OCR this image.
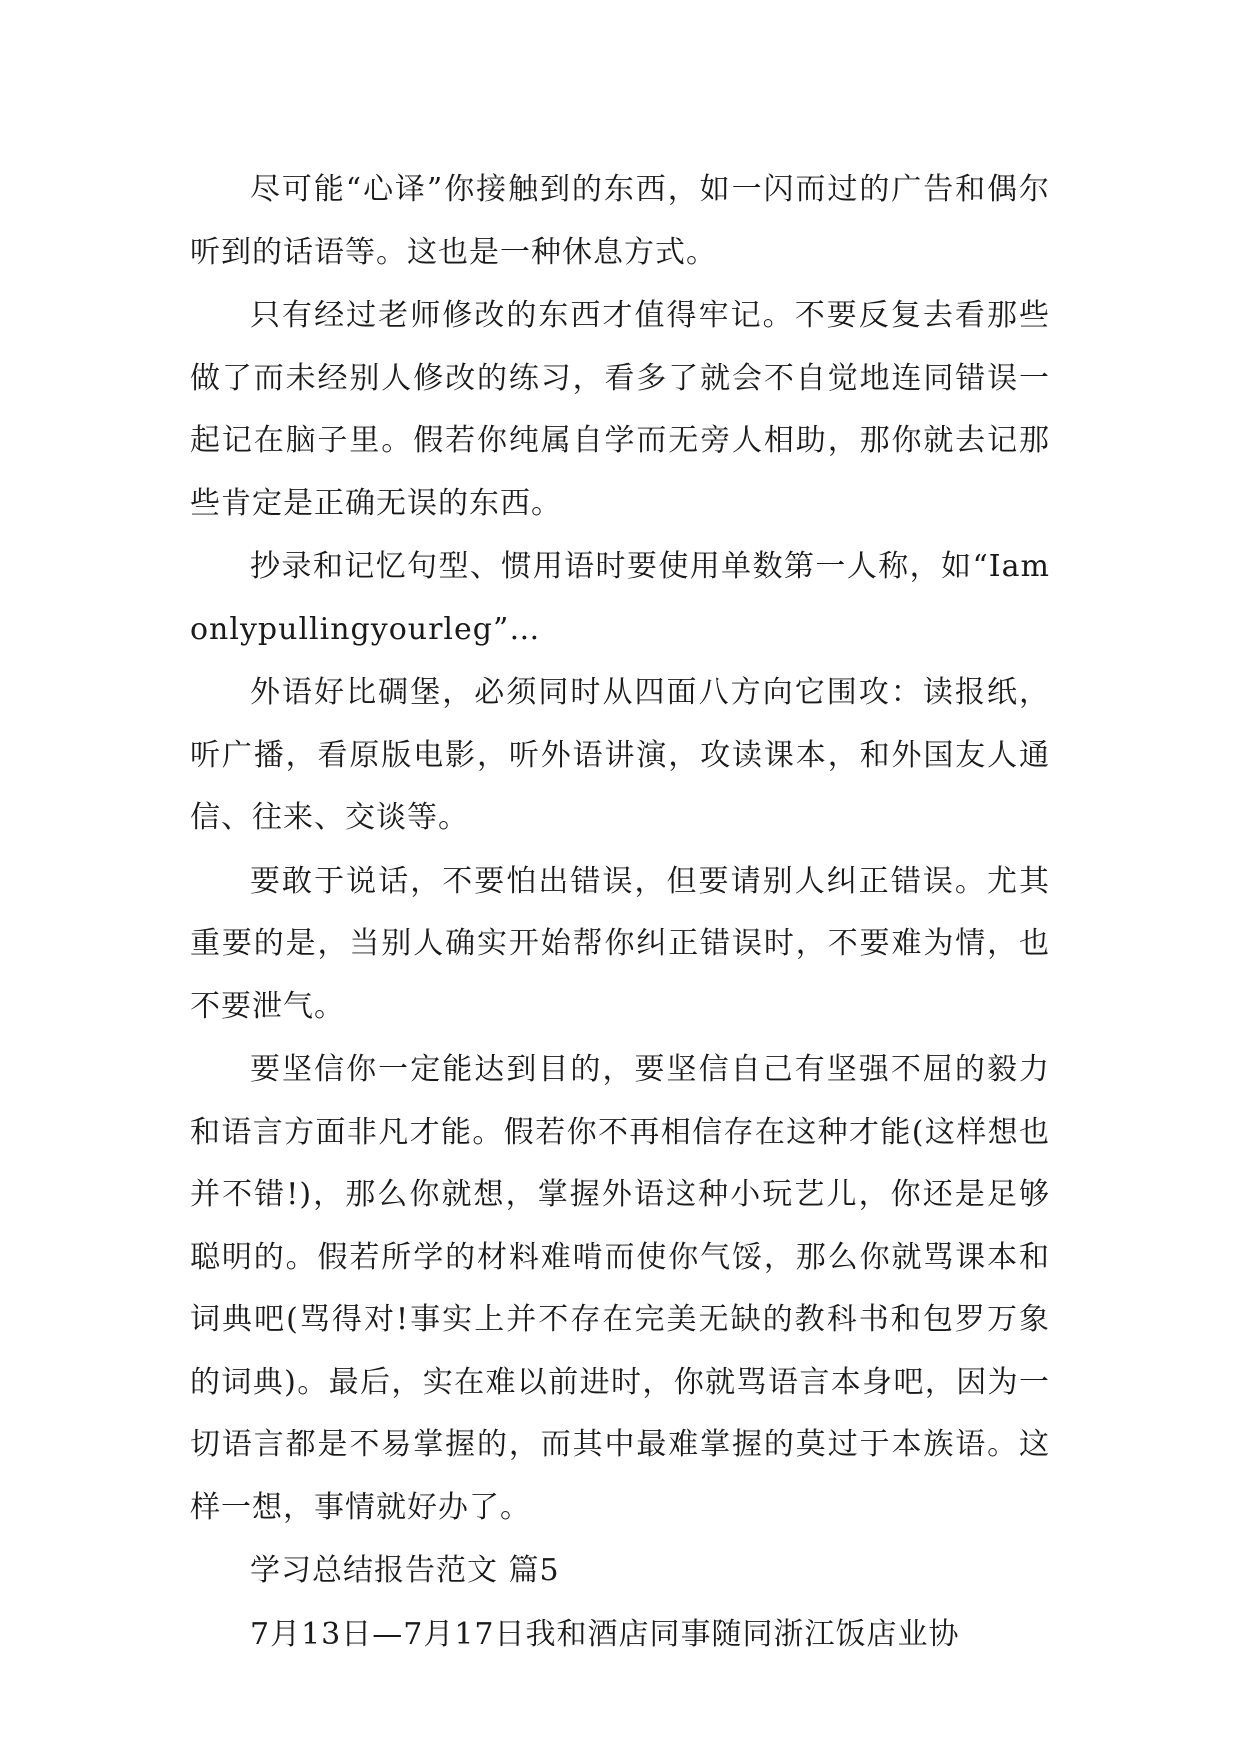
尽可能“心译”你接触到的东西，如一闪而过的广告和偶尔听到的话语等。这也是一种休息方式。

只有经过老师修改的东西才值得牢记。不要反复去看那些做了而未经别人修改的练习，看多了就会不自觉地连同错误一起记在脑子里。假若你纯属自学而无旁人相助，那你就去记那些肯定是正确无误的东西。

抄录和记忆句型、惯用语时要使用单数第一人称，如“Iamonlypullingyourleg”…

外语好比碉堡，必须同时从四面八方向它围攻：读报纸，听广播，看原版电影，听外语讲演，攻读课本，和外国友人通信、往来、交谈等。

要敢于说话，不要怕出错误，但要请别人纠正错误。尤其重要的是，当别人确实开始帮你纠正错误时，不要难为情，也不要泄气。

要坚信你一定能达到目的，要坚信自己有坚强不屈的毅力和语言方面非凡才能。假若你不再相信存在这种才能(这样想也并不错!)，那么你就想，掌握外语这种小玩艺儿，你还是足够聪明的。假若所学的材料难啃而使你气馁，那么你就骂课本和词典吧(骂得对!事实上并不存在完美无缺的教科书和包罗万象的词典)。最后，实在难以前进时，你就骂语言本身吧，因为一切语言都是不易掌握的，而其中最难掌握的莫过于本族语。这样一想，事情就好办了。

学习总结报告范文 篇5

7月13日—7月17日我和酒店同事随同浙江饭店业协
